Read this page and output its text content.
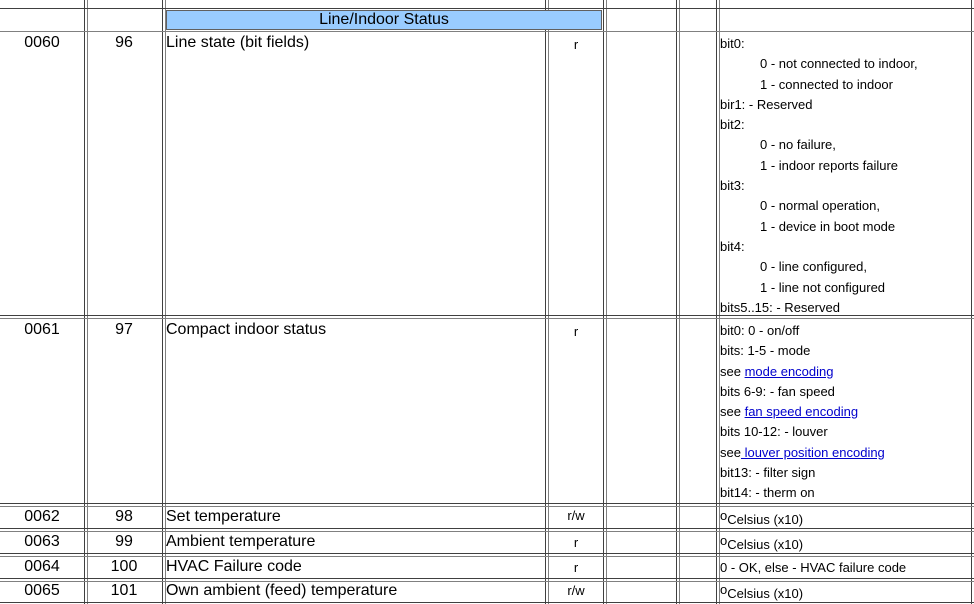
Line/Indoor Status
0060	96	Line state (bit fields)	r	bit0:
0 - not connected to indoor,
1 - connected to indoor
bir1: - Reserved
bit2:
0 - no failure,
1 - indoor reports failure
bit3:
0 - normal operation,
1 - device in boot mode
bit4:
0 - line configured,
1 - line not configured
bits5..15: - Reserved
0061	97	Compact indoor status	r	bit0: 0 - on/off
bits: 1-5 - mode
see mode encoding
bits 6-9: - fan speed
see fan speed encoding
bits 10-12: - louver
see louver position encoding
bit13: - filter sign
bit14: - therm on
0062	98	Set temperature	r/w	$^o$Celsius (x10)
0063	99	Ambient temperature	r	$^o$Celsius (x10)
0064	100	HVAC Failure code	r	0 - OK, else - HVAC failure code
0065	101	Own ambient (feed) temperature	r/w	$^o$Celsius (x10)
